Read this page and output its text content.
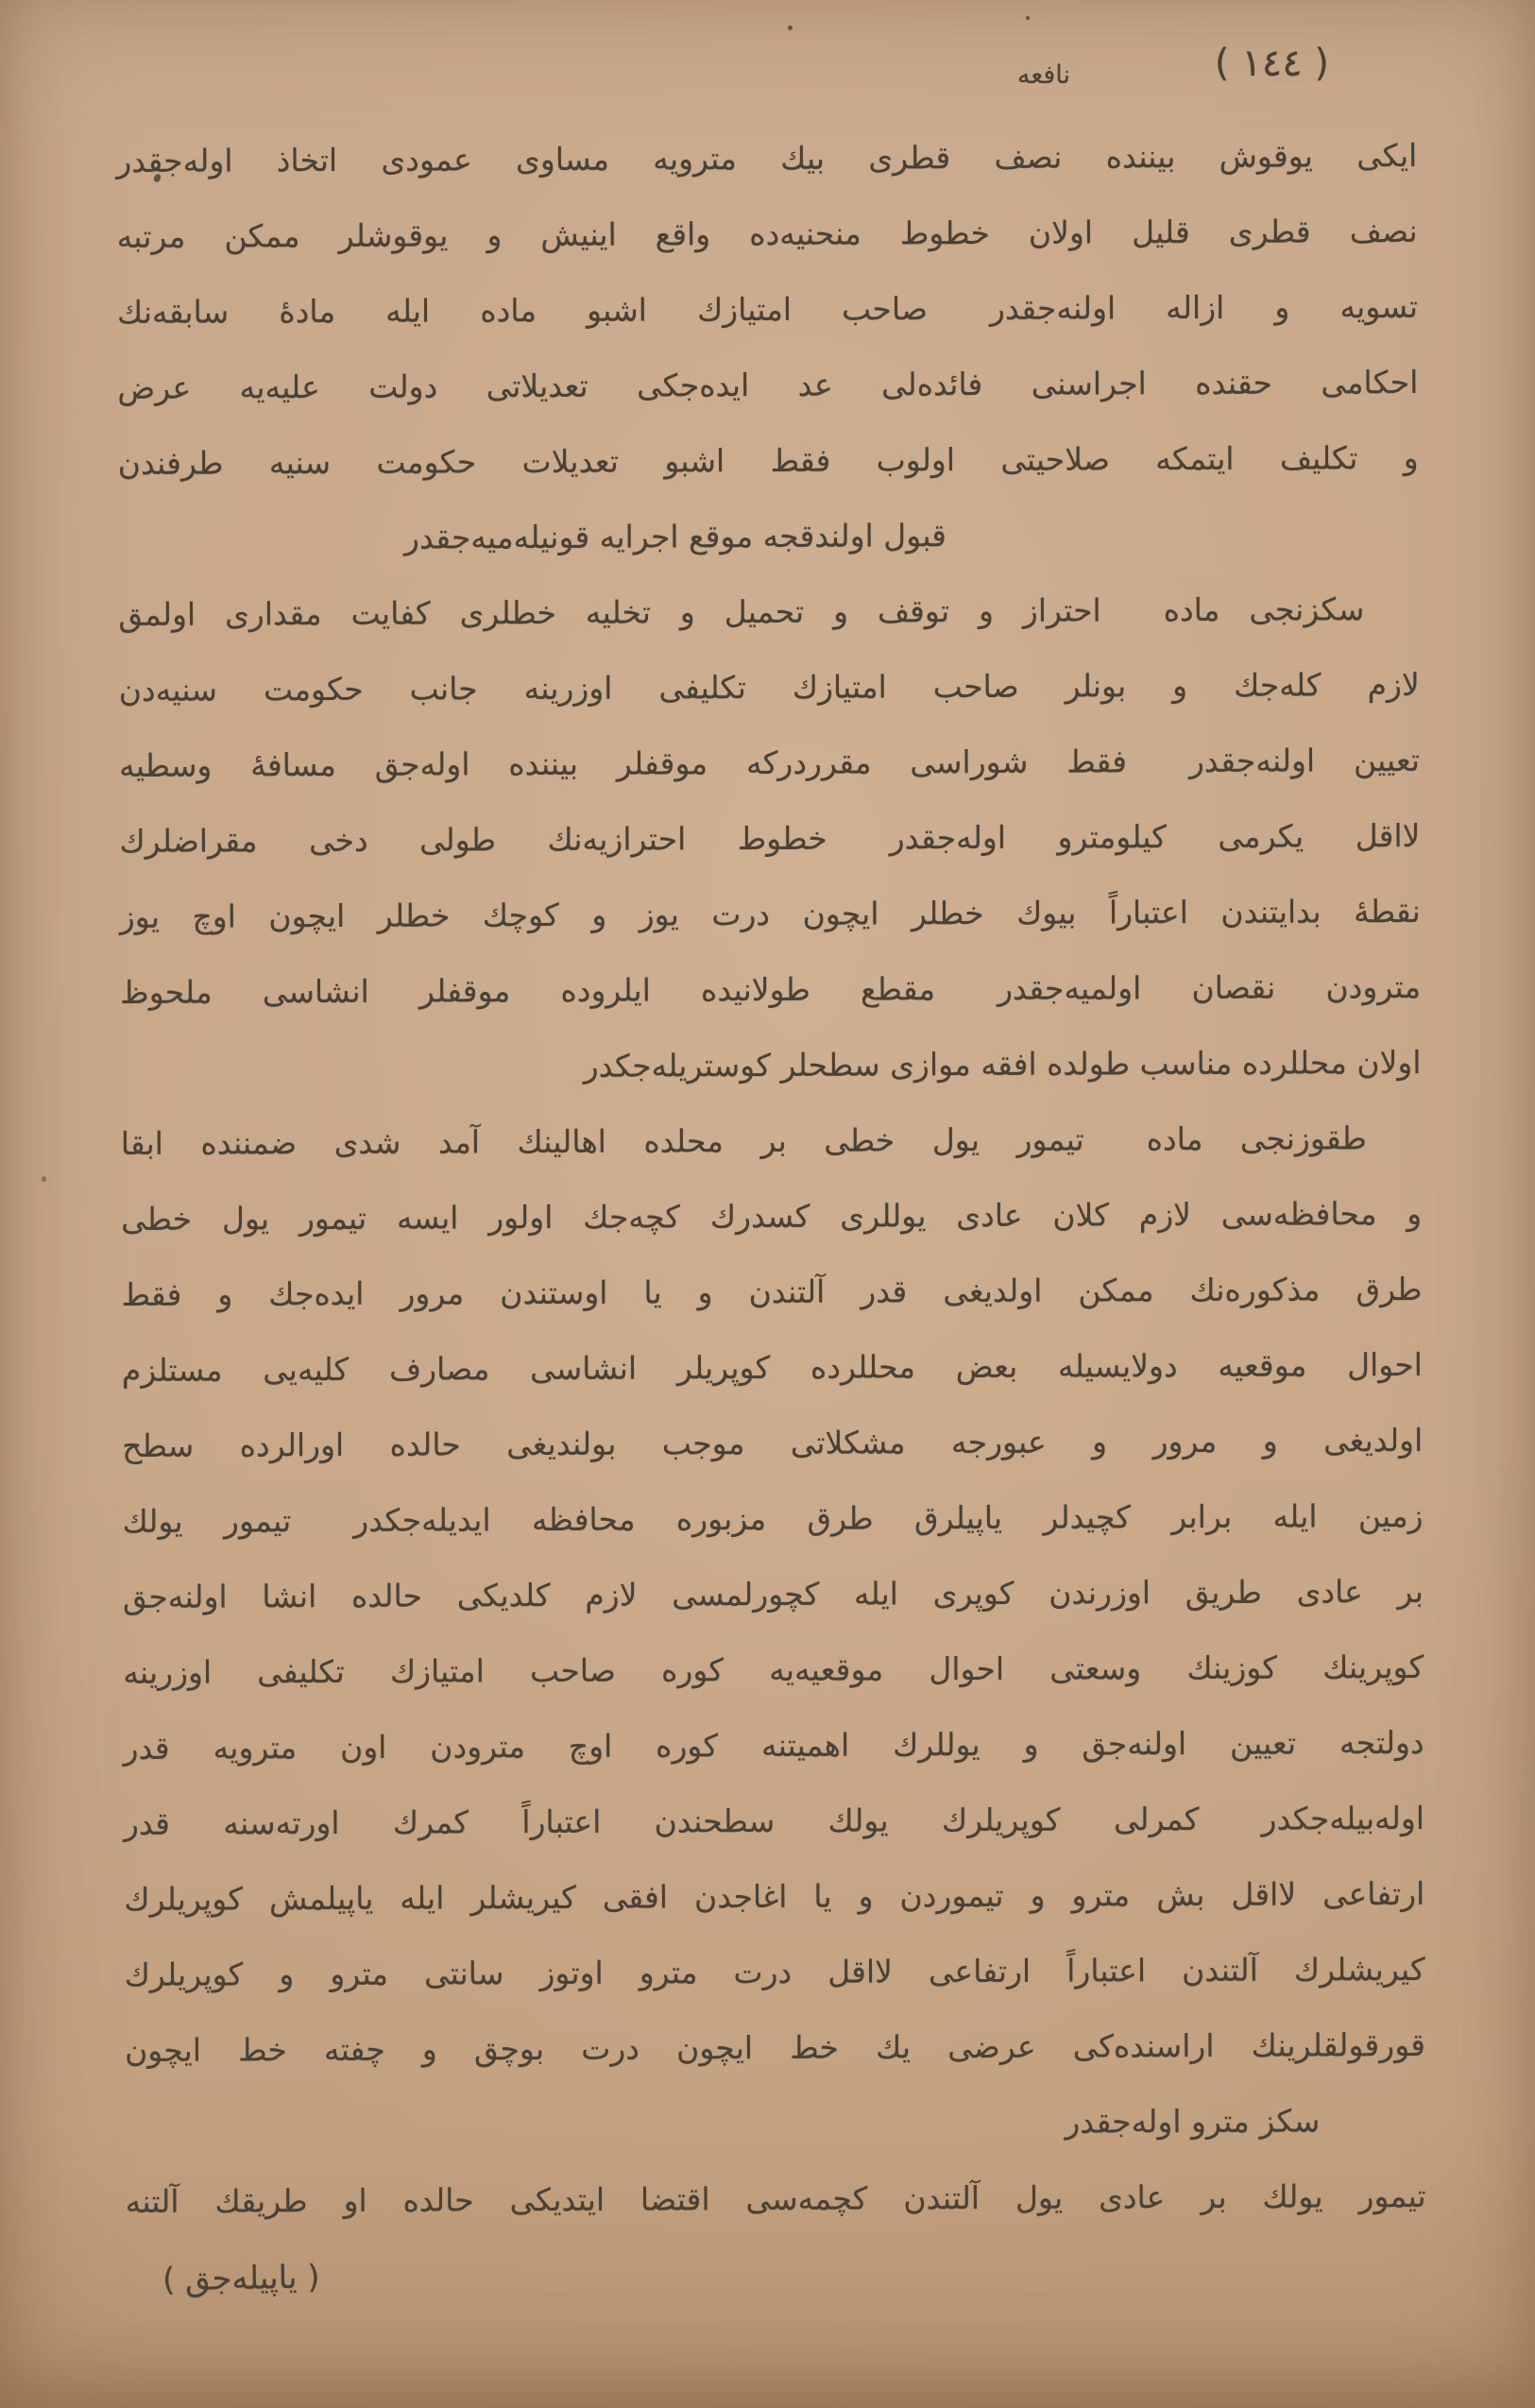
نافعه	( ١٤٤ )
ایکی یوقوش بیننده نصف قطری بیك مترویه مساوی عمودی اتخاذ اوله‌جقدر
نصف قطری قلیل اولان خطوط منحنیه‌ده واقع اینیش و یوقوشلر ممکن مرتبه
تسویه و ازاله اولنه‌جقدر  صاحب امتیازك اشبو ماده ایله مادۀ سابقه‌نك
احکامی حقنده اجراسنی فائده‌لی عد ایده‌جکی تعدیلاتی دولت علیه‌یه عرض
و تکلیف ایتمکه صلاحیتی اولوب فقط اشبو تعدیلات حکومت سنیه طرفندن
قبول اولندقجه موقع اجرایه قونیله‌میه‌جقدر
سکزنجی ماده  احتراز و توقف و تحمیل و تخلیه خطلری کفایت مقداری اولمق
لازم کله‌جك و بونلر صاحب امتیازك تکلیفی اوزرینه جانب حکومت سنیه‌دن
تعیین اولنه‌جقدر  فقط شوراسی مقرردرکه موقفلر بیننده اوله‌جق مسافۀ وسطیه
لااقل یکرمی کیلومترو اوله‌جقدر  خطوط احترازیه‌نك طولی دخی مقراضلرك
نقطۀ بدایتندن اعتباراً بیوك خطلر ایچون درت یوز و کوچك خطلر ایچون اوچ یوز
مترودن نقصان اولمیه‌جقدر  مقطع طولانیده ایلروده موقفلر انشاسی ملحوظ
اولان محللرده مناسب طولده افقه موازی سطحلر کوستریله‌جکدر
طقوزنجی ماده  تیمور یول خطی بر محلده اهالینك آمد شدی ضمننده ابقا
و محافظه‌سی لازم کلان عادی یوللری کسدرك کچه‌جك اولور ایسه تیمور یول خطی
طرق مذکوره‌نك ممکن اولدیغی قدر آلتندن و یا اوستندن مرور ایده‌جك و فقط
احوال موقعیه دولایسیله بعض محللرده کوپریلر انشاسی مصارف کلیه‌یی مستلزم
اولدیغی و مرور و عبورجه مشکلاتی موجب بولندیغی حالده اورالرده سطح
زمین ایله برابر کچیدلر یاپیلرق طرق مزبوره محافظه ایدیله‌جکدر  تیمور یولك
بر عادی طریق اوزرندن کوپری ایله کچورلمسی لازم کلدیکی حالده انشا اولنه‌جق
کوپرینك کوزینك وسعتی احوال موقعیه‌یه کوره صاحب امتیازك تکلیفی اوزرینه
دولتجه تعیین اولنه‌جق و یوللرك اهمیتنه کوره اوچ مترودن اون مترویه قدر
اوله‌بیله‌جکدر  کمرلی کوپریلرك یولك سطحندن اعتباراً کمرك اورته‌سنه قدر
ارتفاعی لااقل بش مترو و تیموردن و یا اغاجدن افقی کیریشلر ایله یاپیلمش کوپریلرك
کیریشلرك آلتندن اعتباراً ارتفاعی لااقل درت مترو اوتوز سانتی مترو و کوپریلرك
قورقولقلرینك اراسنده‌کی عرضی یك خط ایچون درت بوچق و چفته خط ایچون
سکز مترو اوله‌جقدر
تیمور یولك بر عادی یول آلتندن کچمه‌سی اقتضا ایتدیکی حالده او طریقك آلتنه
( یاپیله‌جق )
